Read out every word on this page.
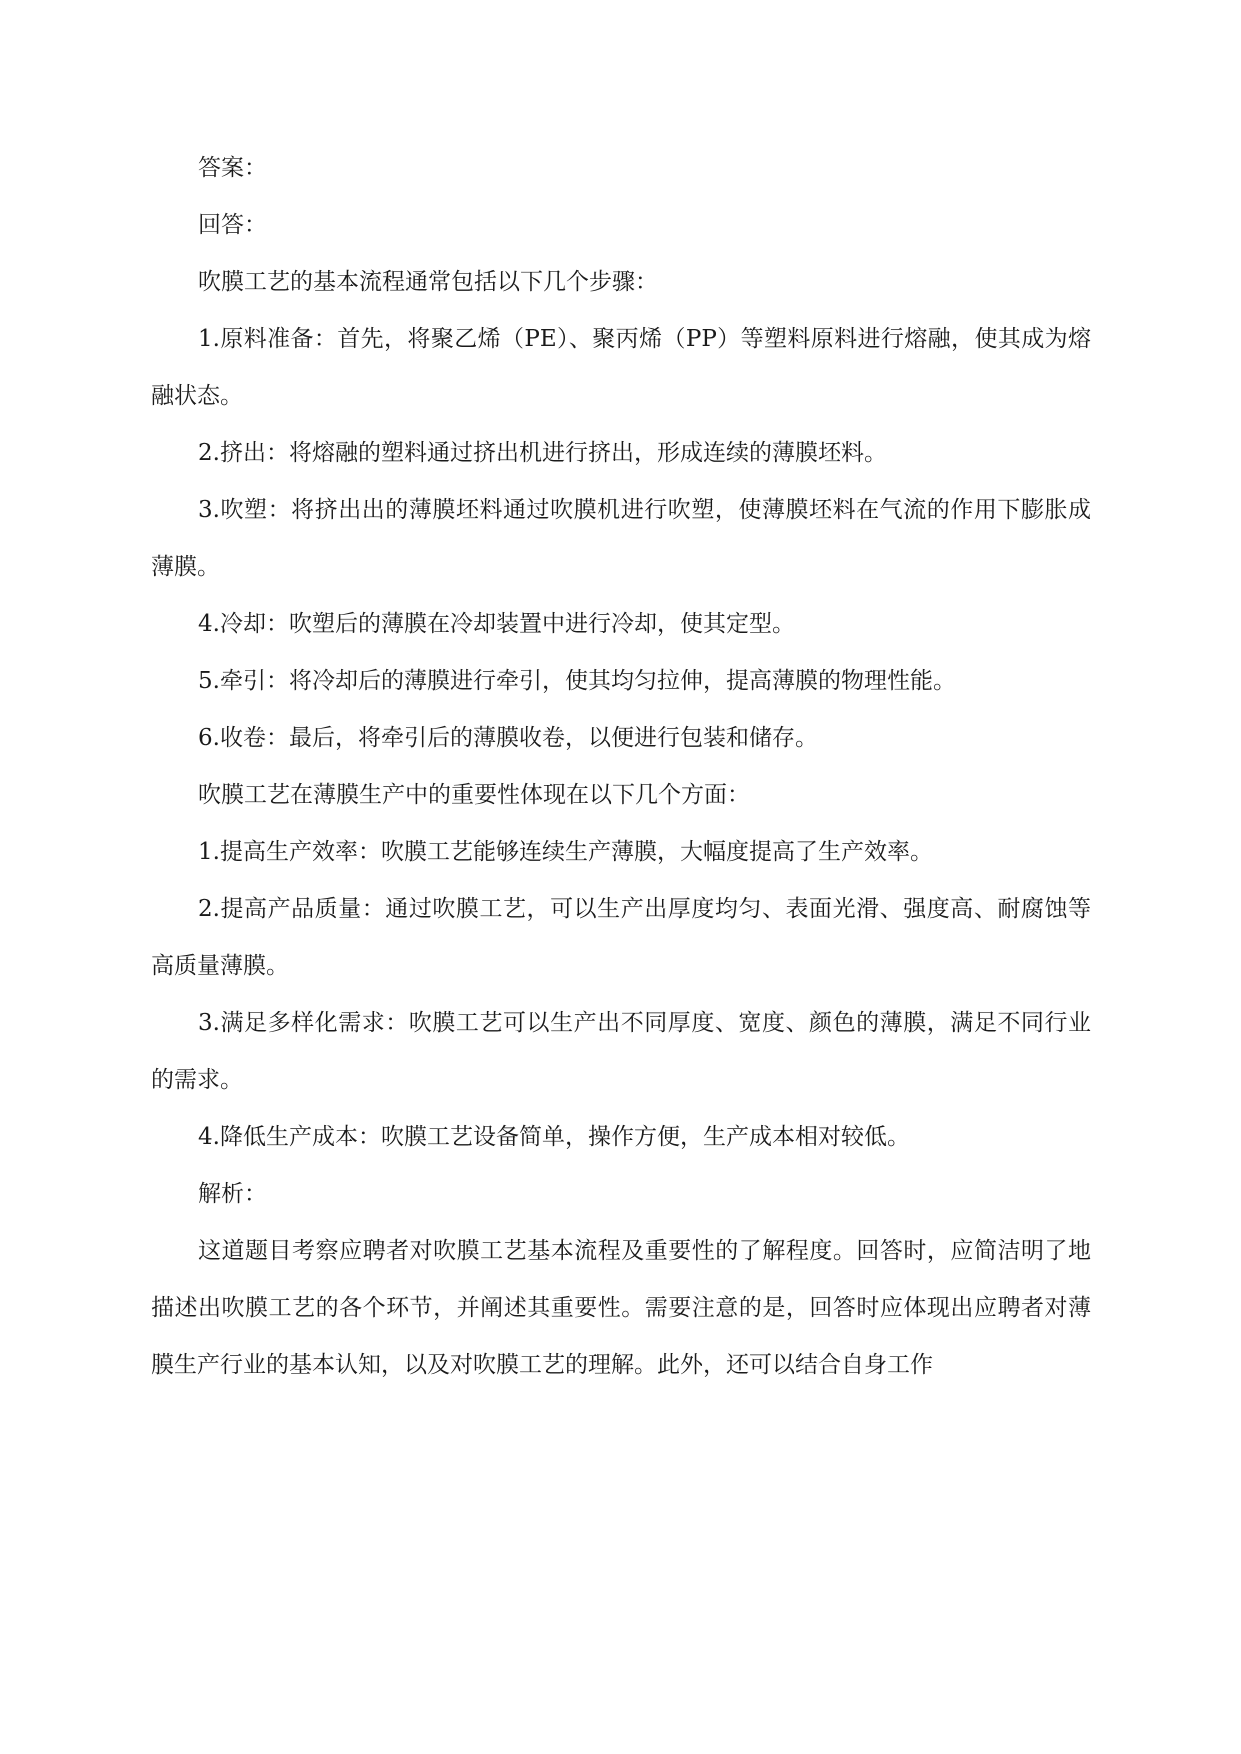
答案：

回答：

吹膜工艺的基本流程通常包括以下几个步骤：

1.原料准备：首先，将聚乙烯（PE）、聚丙烯（PP）等塑料原料进行熔融，使其成为熔融状态。

2.挤出：将熔融的塑料通过挤出机进行挤出，形成连续的薄膜坯料。

3.吹塑：将挤出出的薄膜坯料通过吹膜机进行吹塑，使薄膜坯料在气流的作用下膨胀成薄膜。

4.冷却：吹塑后的薄膜在冷却装置中进行冷却，使其定型。

5.牵引：将冷却后的薄膜进行牵引，使其均匀拉伸，提高薄膜的物理性能。

6.收卷：最后，将牵引后的薄膜收卷，以便进行包装和储存。

吹膜工艺在薄膜生产中的重要性体现在以下几个方面：

1.提高生产效率：吹膜工艺能够连续生产薄膜，大幅度提高了生产效率。

2.提高产品质量：通过吹膜工艺，可以生产出厚度均匀、表面光滑、强度高、耐腐蚀等高质量薄膜。

3.满足多样化需求：吹膜工艺可以生产出不同厚度、宽度、颜色的薄膜，满足不同行业的需求。

4.降低生产成本：吹膜工艺设备简单，操作方便，生产成本相对较低。

解析：

这道题目考察应聘者对吹膜工艺基本流程及重要性的了解程度。回答时，应简洁明了地描述出吹膜工艺的各个环节，并阐述其重要性。需要注意的是，回答时应体现出应聘者对薄膜生产行业的基本认知，以及对吹膜工艺的理解。此外，还可以结合自身工作
